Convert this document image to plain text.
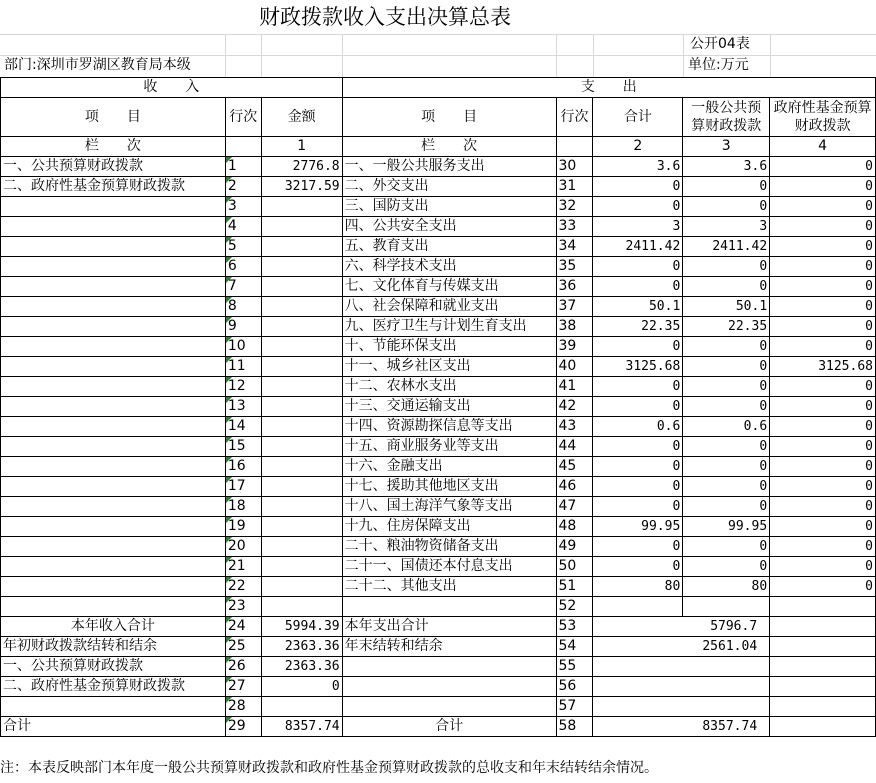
财政拨款收入支出决算总表
公开04表
部门:深圳市罗湖区教育局本级	单位:万元
收　　入			支　　出				
项　　目	行次	金额	项　　目	行次	合计	一般公共预算财政拨款	政府性基金预算财政拨款
栏　　次		1	栏　　次		2	3	4
一、公共预算财政拨款	1	2776.8	一、一般公共服务支出	30	3.6	3.6	0
二、政府性基金预算财政拨款	2	3217.59	二、外交支出	31	0	0	0
	3		三、国防支出	32	0	0	0
	4		四、公共安全支出	33	3	3	0
	5		五、教育支出	34	2411.42	2411.42	0
	6		六、科学技术支出	35	0	0	0
	7		七、文化体育与传媒支出	36	0	0	0
	8		八、社会保障和就业支出	37	50.1	50.1	0
	9		九、医疗卫生与计划生育支出	38	22.35	22.35	0
	10		十、节能环保支出	39	0	0	0
	11		十一、城乡社区支出	40	3125.68	0	3125.68
	12		十二、农林水支出	41	0	0	0
	13		十三、交通运输支出	42	0	0	0
	14		十四、资源勘探信息等支出	43	0.6	0.6	0
	15		十五、商业服务业等支出	44	0	0	0
	16		十六、金融支出	45	0	0	0
	17		十七、援助其他地区支出	46	0	0	0
	18		十八、国土海洋气象等支出	47	0	0	0
	19		十九、住房保障支出	48	99.95	99.95	0
	20		二十、粮油物资储备支出	49	0	0	0
	21		二十一、国债还本付息支出	50	0	0	0
	22		二十二、其他支出	51	80	80	0
	23			52			
本年收入合计	24	5994.39	本年支出合计	53	5796.7		
年初财政拨款结转和结余	25	2363.36	年末结转和结余	54	2561.04		
一、公共预算财政拨款	26	2363.36		55			
二、政府性基金预算财政拨款	27	0		56			
	28			57			
合计	29	8357.74	合计	58	8357.74		
注：本表反映部门本年度一般公共预算财政拨款和政府性基金预算财政拨款的总收支和年末结转结余情况。
